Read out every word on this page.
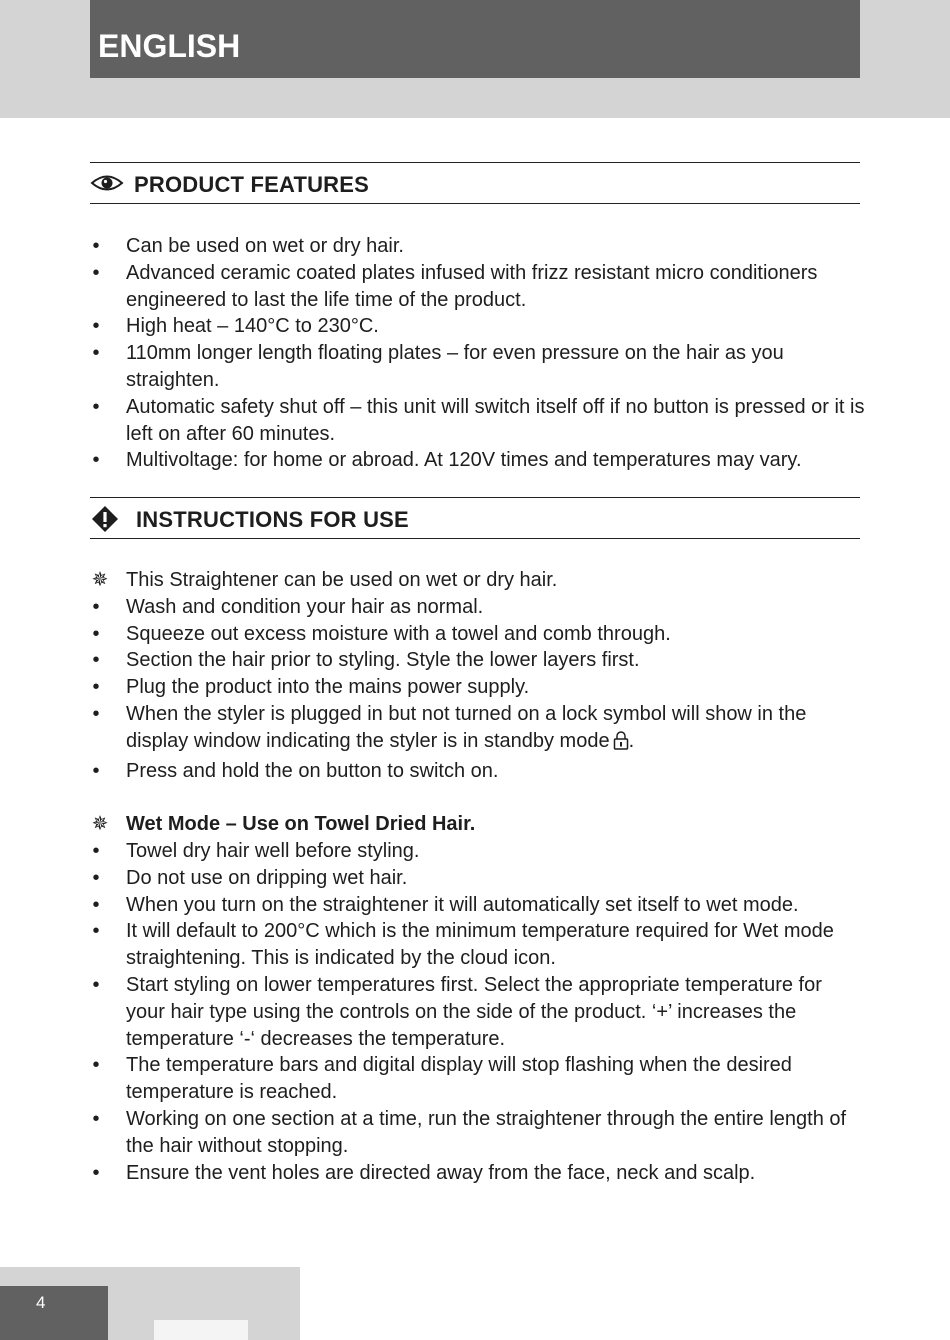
ENGLISH
PRODUCT FEATURES
• Can be used on wet or dry hair.
• Advanced ceramic coated plates infused with frizz resistant micro conditioners engineered to last the life time of the product.
• High heat – 140°C to 230°C.
• 110mm longer length floating plates – for even pressure on the hair as you straighten.
• Automatic safety shut off – this unit will switch itself off if no button is pressed or it is left on after 60 minutes.
• Multivoltage: for home or abroad. At 120V times and temperatures may vary.
INSTRUCTIONS FOR USE
✵ This Straightener can be used on wet or dry hair.
• Wash and condition your hair as normal.
• Squeeze out excess moisture with a towel and comb through.
• Section the hair prior to styling. Style the lower layers first.
• Plug the product into the mains power supply.
• When the styler is plugged in but not turned on a lock symbol will show in the display window indicating the styler is in standby mode .
• Press and hold the on button to switch on.
✵ Wet Mode – Use on Towel Dried Hair.
• Towel dry hair well before styling.
• Do not use on dripping wet hair.
• When you turn on the straightener it will automatically set itself to wet mode.
• It will default to 200°C which is the minimum temperature required for Wet mode straightening. This is indicated by the cloud icon.
• Start styling on lower temperatures first. Select the appropriate temperature for your hair type using the controls on the side of the product. ‘+’ increases the temperature ‘-‘ decreases the temperature.
• The temperature bars and digital display will stop flashing when the desired temperature is reached.
• Working on one section at a time, run the straightener through the entire length of the hair without stopping.
• Ensure the vent holes are directed away from the face, neck and scalp.
4
